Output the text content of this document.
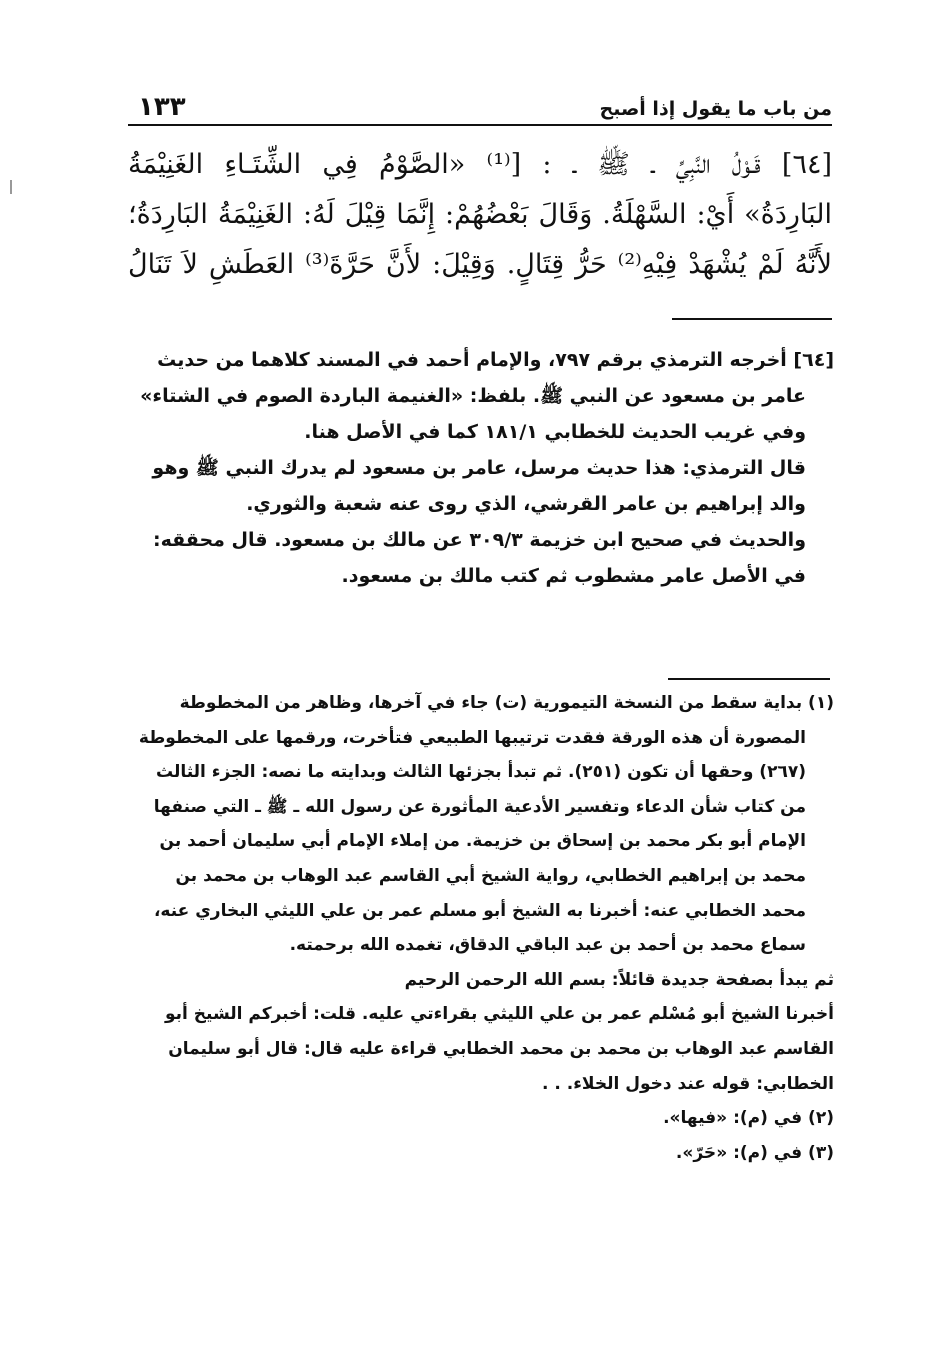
من باب ما يقول إذا أصبح
١٣٣
[٦٤] قَـوْلُ النَّبِيِّ ـ ﷺ ـ : [⁽¹⁾ «الصَّوْمُ فِي الشِّتَـاءِ الغَنِيْمَةُ
البَارِدَةُ» أَيْ: السَّهْلَةُ. وَقَالَ بَعْضُهُمْ: إِنَّمَا قِيْلَ لَهُ: الغَنِيْمَةُ البَارِدَةُ؛
لأَنَّهُ لَمْ يُشْهَدْ فِيْهِ⁽²⁾ حَرُّ قِتَالٍ. وَقِيْلَ: لأَنَّ حَرَّةَ⁽³⁾ العَطَشِ لاَ تَنَالُ

[٦٤] أخرجه الترمذي برقم ٧٩٧، والإمام أحمد في المسند كلاهما من حديث عامر بن مسعود عن النبي ﷺ. بلفظ: «الغنيمة الباردة الصوم في الشتاء» وفي غريب الحديث للخطابي ١٨١/١ كما في الأصل هنا.

قال الترمذي: هذا حديث مرسل، عامر بن مسعود لم يدرك النبي ﷺ وهو والد إبراهيم بن عامر القرشي، الذي روى عنه شعبة والثوري.

والحديث في صحيح ابن خزيمة ٣٠٩/٣ عن مالك بن مسعود. قال محققه: في الأصل عامر مشطوب ثم كتب مالك بن مسعود.

(١) بداية سقط من النسخة التيمورية (ت) جاء في آخرها، وظاهر من المخطوطة المصورة أن هذه الورقة فقدت ترتيبها الطبيعي فتأخرت، ورقمها على المخطوطة (٢٦٧) وحقها أن تكون (٢٥١). ثم تبدأ بجزئها الثالث وبدايته ما نصه: الجزء الثالث من كتاب شأن الدعاء وتفسير الأدعية المأثورة عن رسول الله ـ ﷺ ـ التي صنفها الإمام أبو بكر محمد بن إسحاق بن خزيمة. من إملاء الإمام أبي سليمان أحمد بن محمد بن إبراهيم الخطابي، رواية الشيخ أبي القاسم عبد الوهاب بن محمد بن محمد الخطابي عنه: أخبرنا به الشيخ أبو مسلم عمر بن علي الليثي البخاري عنه، سماع محمد بن أحمد بن عبد الباقي الدقاق، تغمده الله برحمته.

ثم يبدأ بصفحة جديدة قائلاً: بسم الله الرحمن الرحيم

أخبرنا الشيخ أبو مُسْلم عمر بن علي الليثي بقراءتي عليه. قلت: أخبركم الشيخ أبو القاسم عبد الوهاب بن محمد بن محمد الخطابي قراءة عليه قال: قال أبو سليمان الخطابي: قوله عند دخول الخلاء. . .

(٢) في (م): «فيها».

(٣) في (م): «حَرّ».
